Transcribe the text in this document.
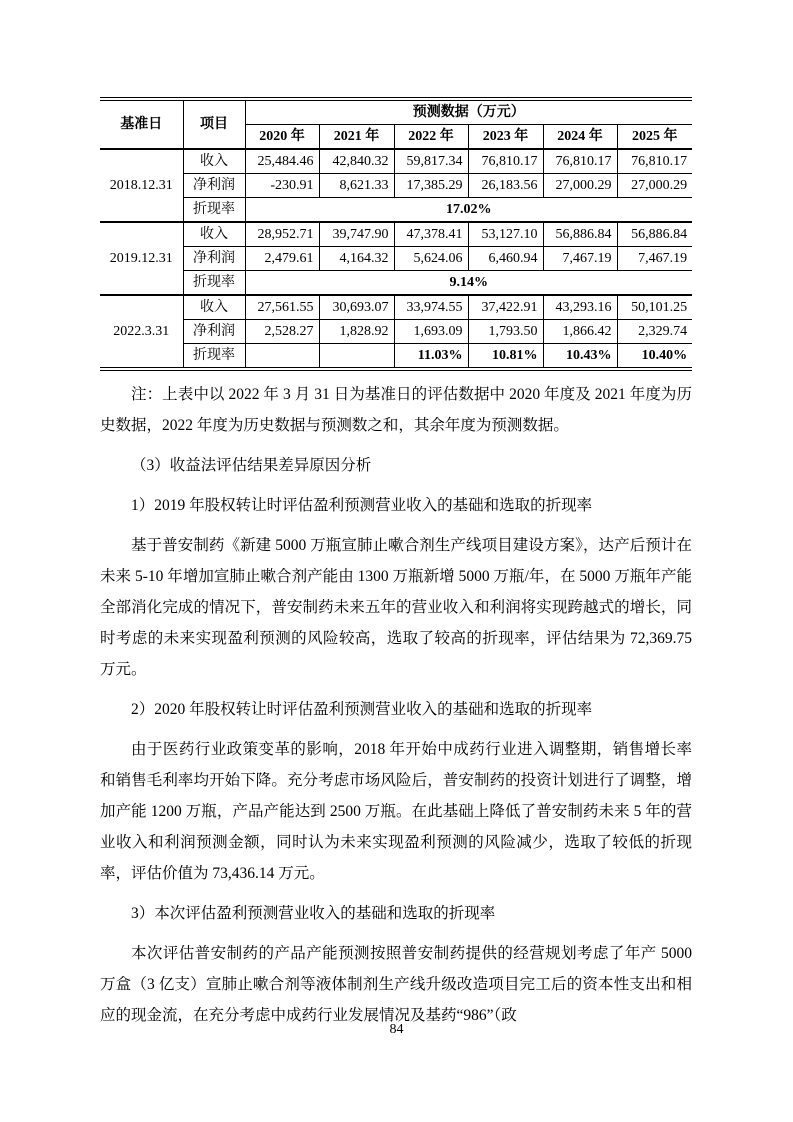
基准日	项目	预测数据（万元）					
		2020 年	2021 年	2022 年	2023 年	2024 年	2025 年
2018.12.31	收入	25,484.46	42,840.32	59,817.34	76,810.17	76,810.17	76,810.17
	净利润	-230.91	8,621.33	17,385.29	26,183.56	27,000.29	27,000.29
	折现率	17.02%					
2019.12.31	收入	28,952.71	39,747.90	47,378.41	53,127.10	56,886.84	56,886.84
	净利润	2,479.61	4,164.32	5,624.06	6,460.94	7,467.19	7,467.19
	折现率	9.14%					
2022.3.31	收入	27,561.55	30,693.07	33,974.55	37,422.91	43,293.16	50,101.25
	净利润	2,528.27	1,828.92	1,693.09	1,793.50	1,866.42	2,329.74
	折现率			11.03%	10.81%	10.43%	10.40%

注：上表中以 2022 年 3 月 31 日为基准日的评估数据中 2020 年度及 2021 年度为历史数据，2022 年度为历史数据与预测数之和，其余年度为预测数据。

（3）收益法评估结果差异原因分析

1）2019 年股权转让时评估盈利预测营业收入的基础和选取的折现率

基于普安制药《新建 5000 万瓶宣肺止嗽合剂生产线项目建设方案》，达产后预计在未来 5-10 年增加宣肺止嗽合剂产能由 1300 万瓶新增 5000 万瓶/年，在 5000 万瓶年产能全部消化完成的情况下，普安制药未来五年的营业收入和利润将实现跨越式的增长，同时考虑的未来实现盈利预测的风险较高，选取了较高的折现率，评估结果为 72,369.75 万元。

2）2020 年股权转让时评估盈利预测营业收入的基础和选取的折现率

由于医药行业政策变革的影响，2018 年开始中成药行业进入调整期，销售增长率和销售毛利率均开始下降。充分考虑市场风险后，普安制药的投资计划进行了调整，增加产能 1200 万瓶，产品产能达到 2500 万瓶。在此基础上降低了普安制药未来 5 年的营业收入和利润预测金额，同时认为未来实现盈利预测的风险减少，选取了较低的折现率，评估价值为 73,436.14 万元。

3）本次评估盈利预测营业收入的基础和选取的折现率

本次评估普安制药的产品产能预测按照普安制药提供的经营规划考虑了年产 5000 万盒（3 亿支）宣肺止嗽合剂等液体制剂生产线升级改造项目完工后的资本性支出和相应的现金流，在充分考虑中成药行业发展情况及基药“986”（政

84
